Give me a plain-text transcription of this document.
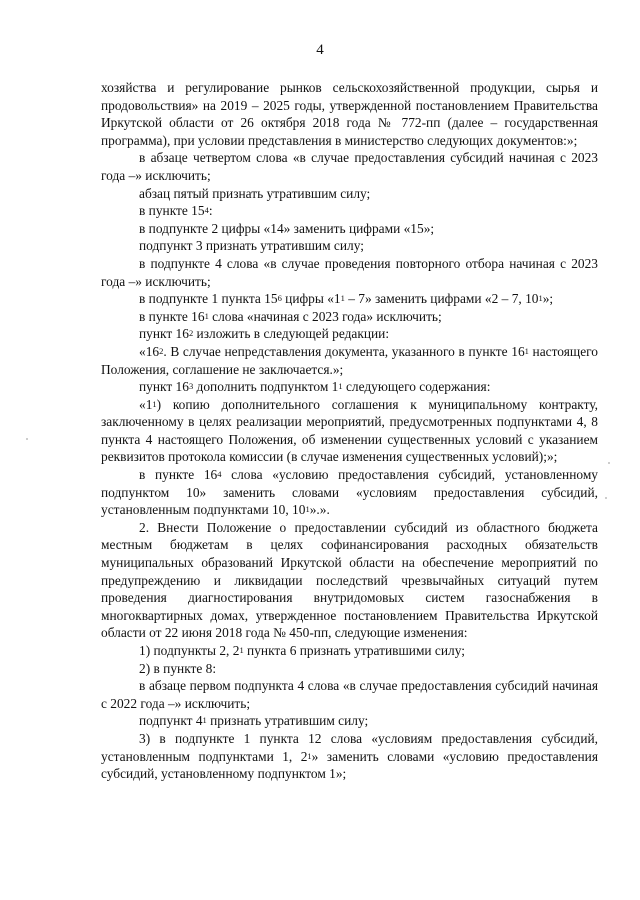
4

хозяйства и регулирование рынков сельскохозяйственной продукции, сырья и продовольствия» на 2019 – 2025 годы, утвержденной постановлением Правительства Иркутской области от 26 октября 2018 года № 772-пп (далее – государственная программа), при условии представления в министерство следующих документов:»;

в абзаце четвертом слова «в случае предоставления субсидий начиная с 2023 года –» исключить;

абзац пятый признать утратившим силу;

в пункте $15^4$:

в подпункте 2 цифры «14» заменить цифрами «15»;

подпункт 3 признать утратившим силу;

в подпункте 4 слова «в случае проведения повторного отбора начиная с 2023 года –» исключить;

в подпункте 1 пункта $15^6$ цифры «$1^1 - 7$» заменить цифрами «2 – 7, $10^1$»;

в пункте $16^1$ слова «начиная с 2023 года» исключить;

пункт $16^2$ изложить в следующей редакции:

«$16^2$. В случае непредставления документа, указанного в пункте $16^1$ настоящего Положения, соглашение не заключается.»;

пункт $16^3$ дополнить подпунктом $1^1$ следующего содержания:

«$1^1$) копию дополнительного соглашения к муниципальному контракту, заключенному в целях реализации мероприятий, предусмотренных подпунктами 4, 8 пункта 4 настоящего Положения, об изменении существенных условий с указанием реквизитов протокола комиссии (в случае изменения существенных условий);»;

в пункте $16^4$ слова «условию предоставления субсидий, установленному подпунктом 10» заменить словами «условиям предоставления субсидий, установленным подпунктами 10, $10^1$».».

2. Внести Положение о предоставлении субсидий из областного бюджета местным бюджетам в целях софинансирования расходных обязательств муниципальных образований Иркутской области на обеспечение мероприятий по предупреждению и ликвидации последствий чрезвычайных ситуаций путем проведения диагностирования внутридомовых систем газоснабжения в многоквартирных домах, утвержденное постановлением Правительства Иркутской области от 22 июня 2018 года № 450-пп, следующие изменения:

1) подпункты 2, $2^1$ пункта 6 признать утратившими силу;

2) в пункте 8:

в абзаце первом подпункта 4 слова «в случае предоставления субсидий начиная с 2022 года –» исключить;

подпункт $4^1$ признать утратившим силу;

3) в подпункте 1 пункта 12 слова «условиям предоставления субсидий, установленным подпунктами 1, $2^1$» заменить словами «условию предоставления субсидий, установленному подпунктом 1»;
